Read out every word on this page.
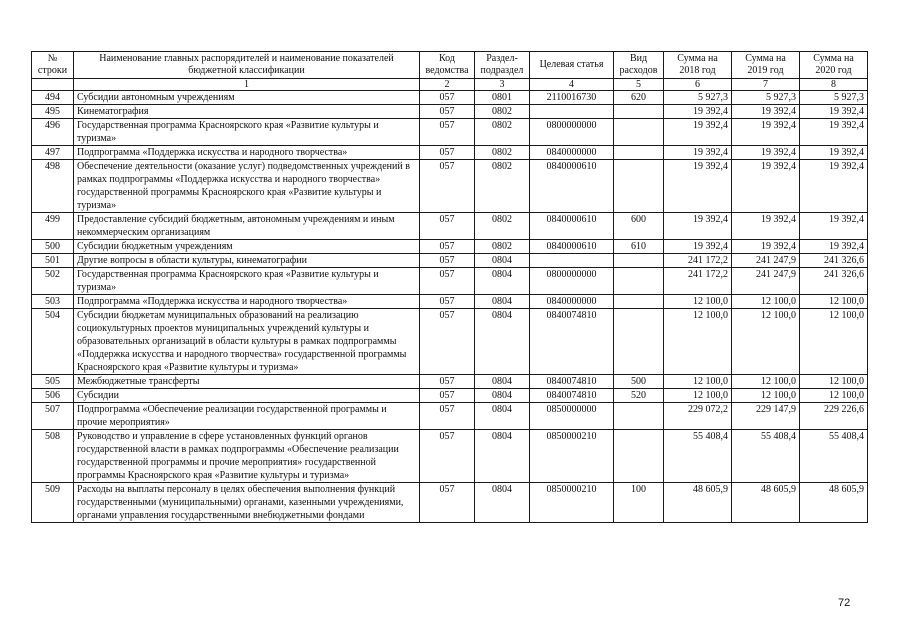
№ строки	Наименование главных распорядителей и наименование показателей бюджетной классификации	Код ведомства	Раздел-подраздел	Целевая статья	Вид расходов	Сумма на 2018 год	Сумма на 2019 год	Сумма на 2020 год
	1	2	3	4	5	6	7	8
494	Субсидии автономным учреждениям	057	0801	2110016730	620	5 927,3	5 927,3	5 927,3
495	Кинематография	057	0802			19 392,4	19 392,4	19 392,4
496	Государственная программа Красноярского края «Развитие культуры и туризма»	057	0802	0800000000		19 392,4	19 392,4	19 392,4
497	Подпрограмма «Поддержка искусства и народного творчества»	057	0802	0840000000		19 392,4	19 392,4	19 392,4
498	Обеспечение деятельности (оказание услуг) подведомственных учреждений в рамках подпрограммы «Поддержка искусства и народного творчества» государственной программы Красноярского края «Развитие культуры и туризма»	057	0802	0840000610		19 392,4	19 392,4	19 392,4
499	Предоставление субсидий бюджетным, автономным учреждениям и иным некоммерческим организациям	057	0802	0840000610	600	19 392,4	19 392,4	19 392,4
500	Субсидии бюджетным учреждениям	057	0802	0840000610	610	19 392,4	19 392,4	19 392,4
501	Другие вопросы в области культуры, кинематографии	057	0804			241 172,2	241 247,9	241 326,6
502	Государственная программа Красноярского края «Развитие культуры и туризма»	057	0804	0800000000		241 172,2	241 247,9	241 326,6
503	Подпрограмма «Поддержка искусства и народного творчества»	057	0804	0840000000		12 100,0	12 100,0	12 100,0
504	Субсидии бюджетам муниципальных образований на реализацию социокультурных проектов муниципальных учреждений культуры и образовательных организаций в области культуры в рамках подпрограммы «Поддержка искусства и народного творчества» государственной программы Красноярского края «Развитие культуры и туризма»	057	0804	0840074810		12 100,0	12 100,0	12 100,0
505	Межбюджетные трансферты	057	0804	0840074810	500	12 100,0	12 100,0	12 100,0
506	Субсидии	057	0804	0840074810	520	12 100,0	12 100,0	12 100,0
507	Подпрограмма «Обеспечение реализации государственной программы и прочие мероприятия»	057	0804	0850000000		229 072,2	229 147,9	229 226,6
508	Руководство и управление в сфере установленных функций органов государственной власти в рамках подпрограммы «Обеспечение реализации государственной программы и прочие мероприятия» государственной программы Красноярского края «Развитие культуры и туризма»	057	0804	0850000210		55 408,4	55 408,4	55 408,4
509	Расходы на выплаты персоналу в целях обеспечения выполнения функций государственными (муниципальными) органами, казенными учреждениями, органами управления государственными внебюджетными фондами	057	0804	0850000210	100	48 605,9	48 605,9	48 605,9
72
